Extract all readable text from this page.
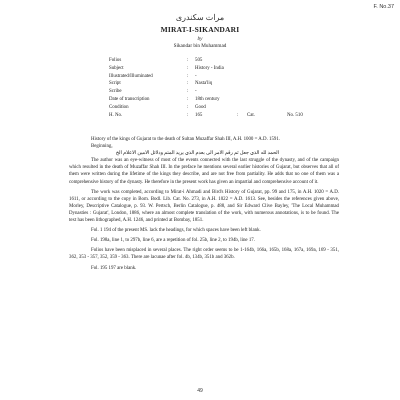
F. No.37
مرات سکندری
MIRAT-I-SIKANDARI
by
Sikandar bin Muhammad
Folios	:	505
Subject	:	History - India
Illustrated/Illuminated	:	-
Script	:	Nasta'liq
Scribe	:	-
Date of transcription	:	18th century
Condition	:	Good
H. No.	:	165	:	Cat.	No. 510

History of the kings of Gujarat to the death of Sultan Muzaffar Shah III, A.H. 1000 = A.D. 1591.

Beginning,

الحمد لله الذي جعل ثم رقم الامر الى بعدم الذي يريد المتم ودلائل الامين الاعلام الخ

The author was an eye-witness of most of the events connected with the last struggle of the dynasty, and of the campaign which resulted in the death of Muzaffar Shah III. In the preface he mentions several earlier histories of Gujarat, but observes that all of them were written during the lifetime of the kings they describe, and are not free from partiality. He adds that no one of them was a comprehensive history of the dynasty. He therefore in the present work has given an impartial and comprehensive account of it.

The work was completed, according to Mirat-i Ahmadi and Bird's History of Gujarat, pp. 99 and 175, in A.H. 1020 = A.D. 1611, or according to the copy in Bom. Bodl. Lib. Cat. No. 273, in A.H. 1022 = A.D. 1613. See, besides the references given above, Morley, Descriptive Catalogue, p. 93. W. Pertsch, Berlin Catalogue, p. 488, and Sir Edward Clive Bayley, 'The Local Muhammad Dynasties : Gujarat', London, 1886, where an almost complete translation of the work, with numerous annotations, is to be found. The text has been lithographed, A.H. 1246, and printed at Bombay, 1851.

Fol. 1 194 of the present MS. lack the headings, for which spaces have been left blank.

Fol. 198a, line 1, to 297b, line 6, are a repetition of fol. 25b, line 2, to 194b, line 17.

Folios have been misplaced in several places. The right order seems to be 1-164b, 166a, 165b, 168a, 167a, 169a, 169 - 351, 362, 353 - 357, 352, 359 - 363. There are lacunae after fol. 4b, 134b, 351b and 362b.

Fol. 195 197 are blank.

49
